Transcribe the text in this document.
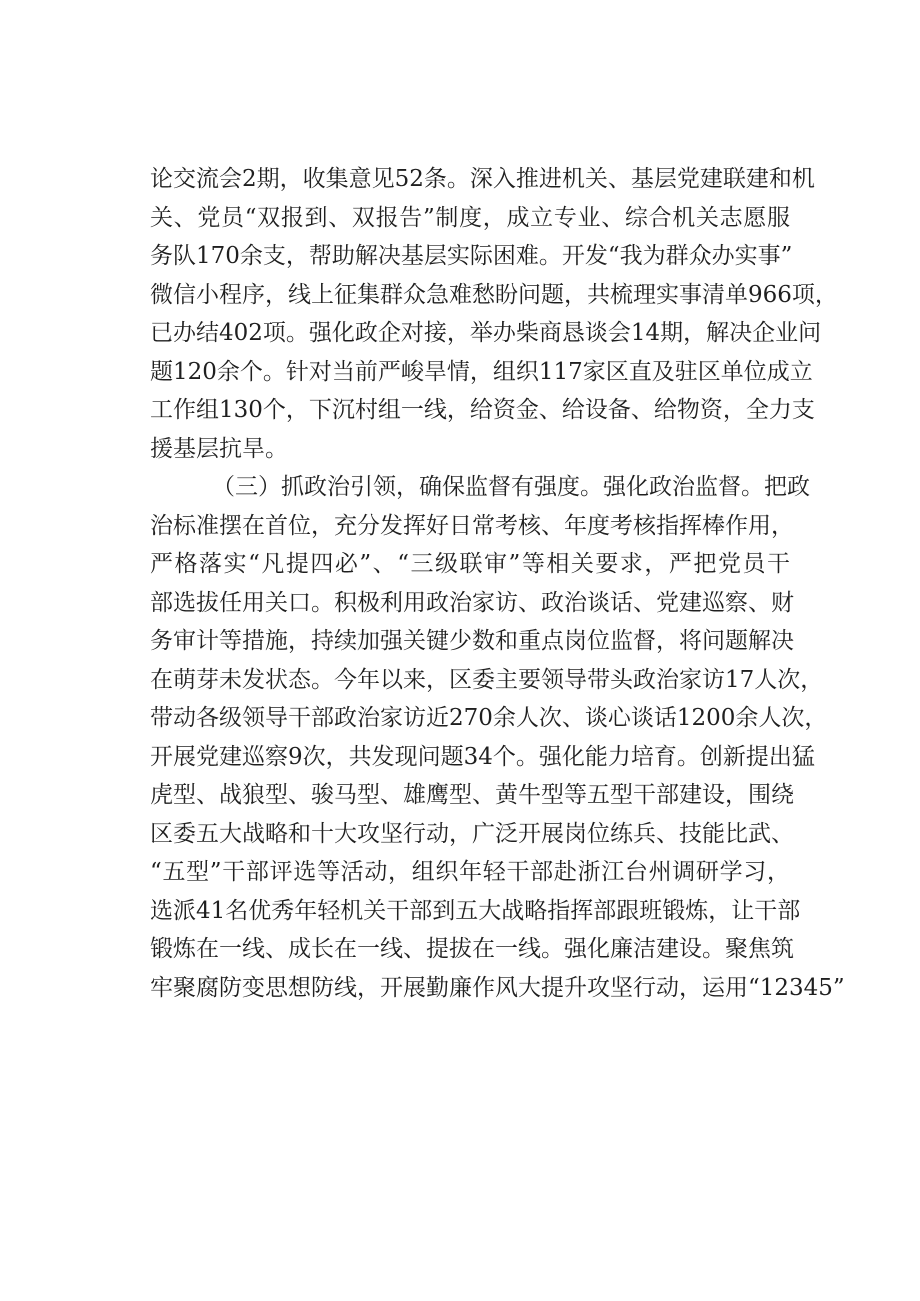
论交流会2期，收集意见52条。深入推进机关、基层党建联建和机
关、党员“双报到、双报告”制度，成立专业、综合机关志愿服
务队170余支，帮助解决基层实际困难。开发“我为群众办实事”
微信小程序，线上征集群众急难愁盼问题，共梳理实事清单966项，
已办结402项。强化政企对接，举办柴商恳谈会14期，解决企业问
题120余个。针对当前严峻旱情，组织117家区直及驻区单位成立
工作组130个，下沉村组一线，给资金、给设备、给物资，全力支
援基层抗旱。
（三）抓政治引领，确保监督有强度。强化政治监督。把政
治标准摆在首位，充分发挥好日常考核、年度考核指挥棒作用，
严格落实“凡提四必”、“三级联审”等相关要求，严把党员干
部选拔任用关口。积极利用政治家访、政治谈话、党建巡察、财
务审计等措施，持续加强关键少数和重点岗位监督，将问题解决
在萌芽未发状态。今年以来，区委主要领导带头政治家访17人次，
带动各级领导干部政治家访近270余人次、谈心谈话1200余人次，
开展党建巡察9次，共发现问题34个。强化能力培育。创新提出猛
虎型、战狼型、骏马型、雄鹰型、黄牛型等五型干部建设，围绕
区委五大战略和十大攻坚行动，广泛开展岗位练兵、技能比武、
“五型”干部评选等活动，组织年轻干部赴浙江台州调研学习，
选派41名优秀年轻机关干部到五大战略指挥部跟班锻炼，让干部
锻炼在一线、成长在一线、提拔在一线。强化廉洁建设。聚焦筑
牢聚腐防变思想防线，开展勤廉作风大提升攻坚行动，运用“12345”
